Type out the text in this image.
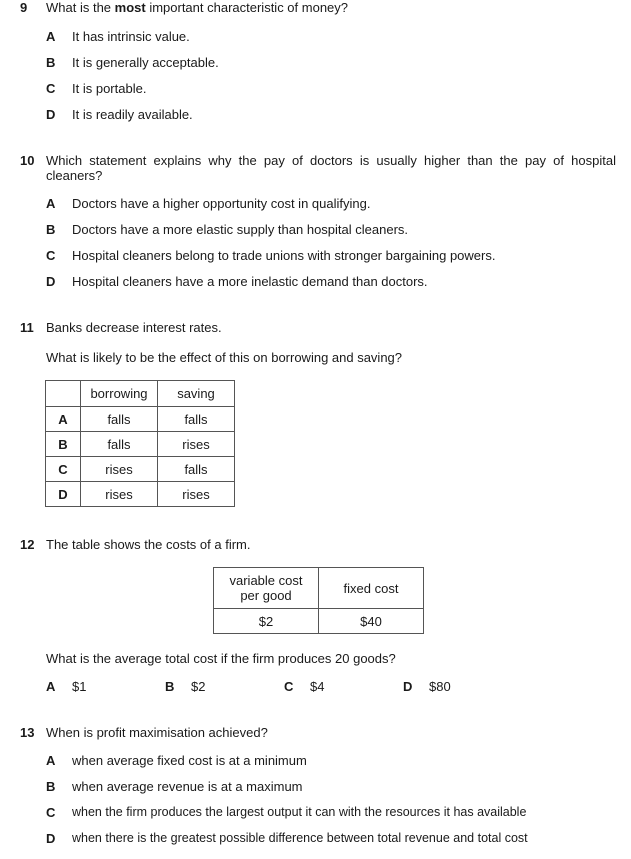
9 What is the most important characteristic of money?
A It has intrinsic value.
B It is generally acceptable.
C It is portable.
D It is readily available.
10 Which statement explains why the pay of doctors is usually higher than the pay of hospital cleaners?
A Doctors have a higher opportunity cost in qualifying.
B Doctors have a more elastic supply than hospital cleaners.
C Hospital cleaners belong to trade unions with stronger bargaining powers.
D Hospital cleaners have a more inelastic demand than doctors.
11 Banks decrease interest rates.
What is likely to be the effect of this on borrowing and saving?
	borrowing	saving
A	falls	falls
B	falls	rises
C	rises	falls
D	rises	rises
12 The table shows the costs of a firm.
variable cost
per good	fixed cost
$2	$40
What is the average total cost if the firm produces 20 goods?
A $1	B $2	C $4	D $80
13 When is profit maximisation achieved?
A when average fixed cost is at a minimum
B when average revenue is at a maximum
C when the firm produces the largest output it can with the resources it has available
D when there is the greatest possible difference between total revenue and total cost
